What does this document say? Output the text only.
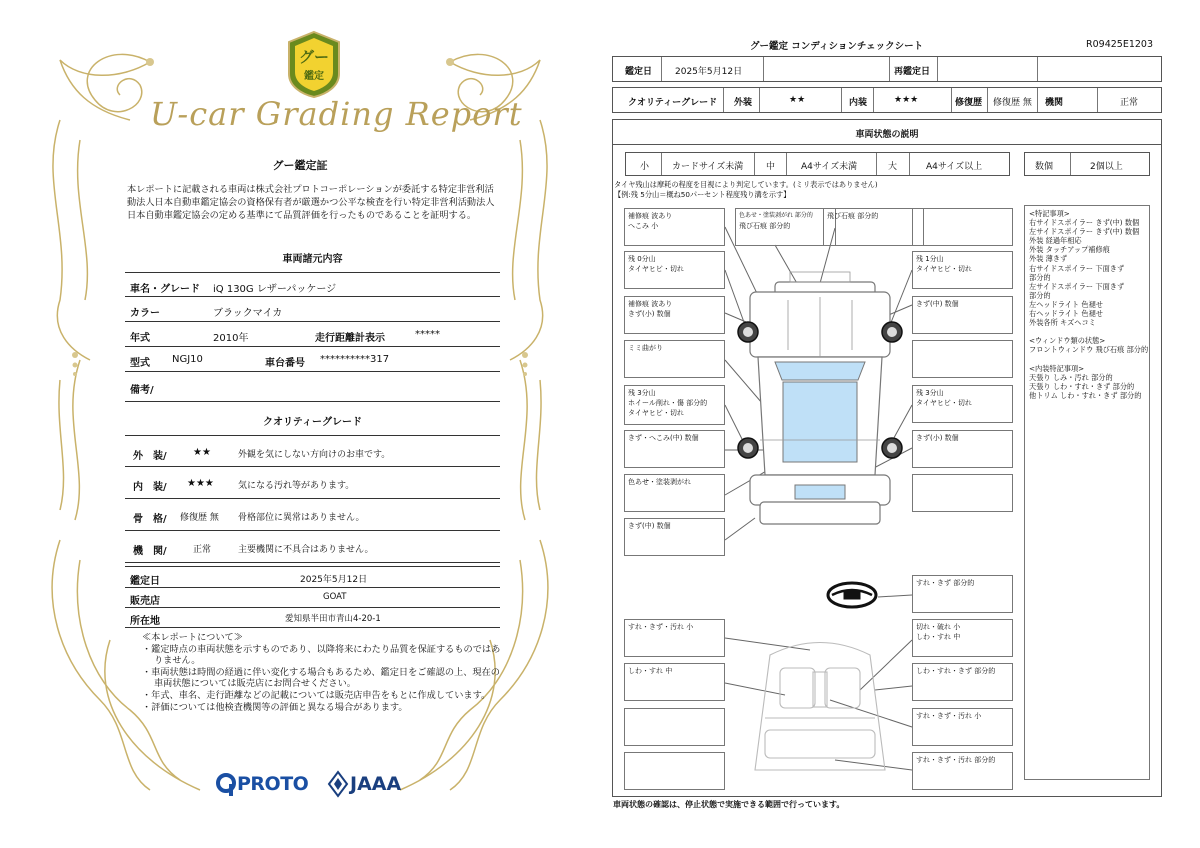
グー
鑑定
U-car Grading Report
グー鑑定証
本レポートに記載される車両は株式会社プロトコーポレーションが委託する特定非営利活動法人日本自動車鑑定協会の資格保有者が厳選かつ公平な検査を行い特定非営利活動法人日本自動車鑑定協会の定める基準にて品質評価を行ったものであることを証明する。
車両諸元内容
車名・グレード iQ 130G レザーパッケージ
カラー	ブラックマイカ
年式	2010年	走行距離計表示	*****
型式 NGJ10	車台番号 **********317
備考/
クオリティーグレード
外　装/	★★	外観を気にしない方向けのお車です。
内　装/ ★★★	気になる汚れ等があります。
骨　格/ 修復歴 無 骨格部位に異常はありません。
機　関/	正常	主要機関に不具合はありません。
鑑定日	2025年5月12日
販売店	GOAT
所在地	愛知県半田市青山4-20-1
≪本レポートについて≫
・鑑定時点の車両状態を示すものであり、以降将来にわたり品質を保証するものではありません。
・車両状態は時間の経過に伴い変化する場合もあるため、鑑定日をご確認の上、現在の車両状態については販売店にお問合せください。
・年式、車名、走行距離などの記載については販売店申告をもとに作成しています。
・評価については他検査機関等の評価と異なる場合があります。
PROTO JAAA
グー鑑定 コンディションチェックシート	R09425E1203
鑑定日	2025年5月12日	再鑑定日
クオリティーグレード 外装	★★	内装	★★★	修復歴 修復歴 無 機関	正常
車両状態の説明
小	カードサイズ未満	中	A4サイズ未満	大	A4サイズ以上	数個	2個以上
タイヤ残山は摩耗の程度を目視により判定しています。(ミリ表示ではありません)
【例:残 5分山＝概ね50パーセント程度残り溝を示す】
<特記事項>
右サイドスポイラー きず(中) 数個
左サイドスポイラー きず(中) 数個
外装 経過年相応
外装 タッチアップ補修痕
外装 薄きず
右サイドスポイラー 下面きず
部分的
左サイドスポイラー 下面きず
部分的
左ヘッドライト 色褪せ
右ヘッドライト 色褪せ
外装各所 キズヘコミ

<ウィンドウ類の状態>
フロントウィンドウ 飛び石痕 部分的

<内装特記事項>
天張り しみ・汚れ 部分的
天張り しわ・すれ・きず 部分的
他トリム しわ・すれ・きず 部分的
補修痕 波あり
へこみ 小
色あせ・塗装剥がれ 部分的
飛び石痕 部分的
飛び石痕 部分的
残 0分山
タイヤヒビ・切れ
残 1分山
タイヤヒビ・切れ
補修痕 波あり
きず(小) 数個
きず(中) 数個
ミミ曲がり
残 3分山
ホイール削れ・傷 部分的
タイヤヒビ・切れ
残 3分山
タイヤヒビ・切れ
きず・へこみ(中) 数個	きず(小) 数個
色あせ・塗装剥がれ
きず(中) 数個
すれ・きず 部分的
すれ・きず・汚れ 小	切れ・破れ 小
しわ・すれ 中
しわ・すれ 中	しわ・すれ・きず 部分的
すれ・きず・汚れ 小
すれ・きず・汚れ 部分的
車両状態の確認は、停止状態で実施できる範囲で行っています。
